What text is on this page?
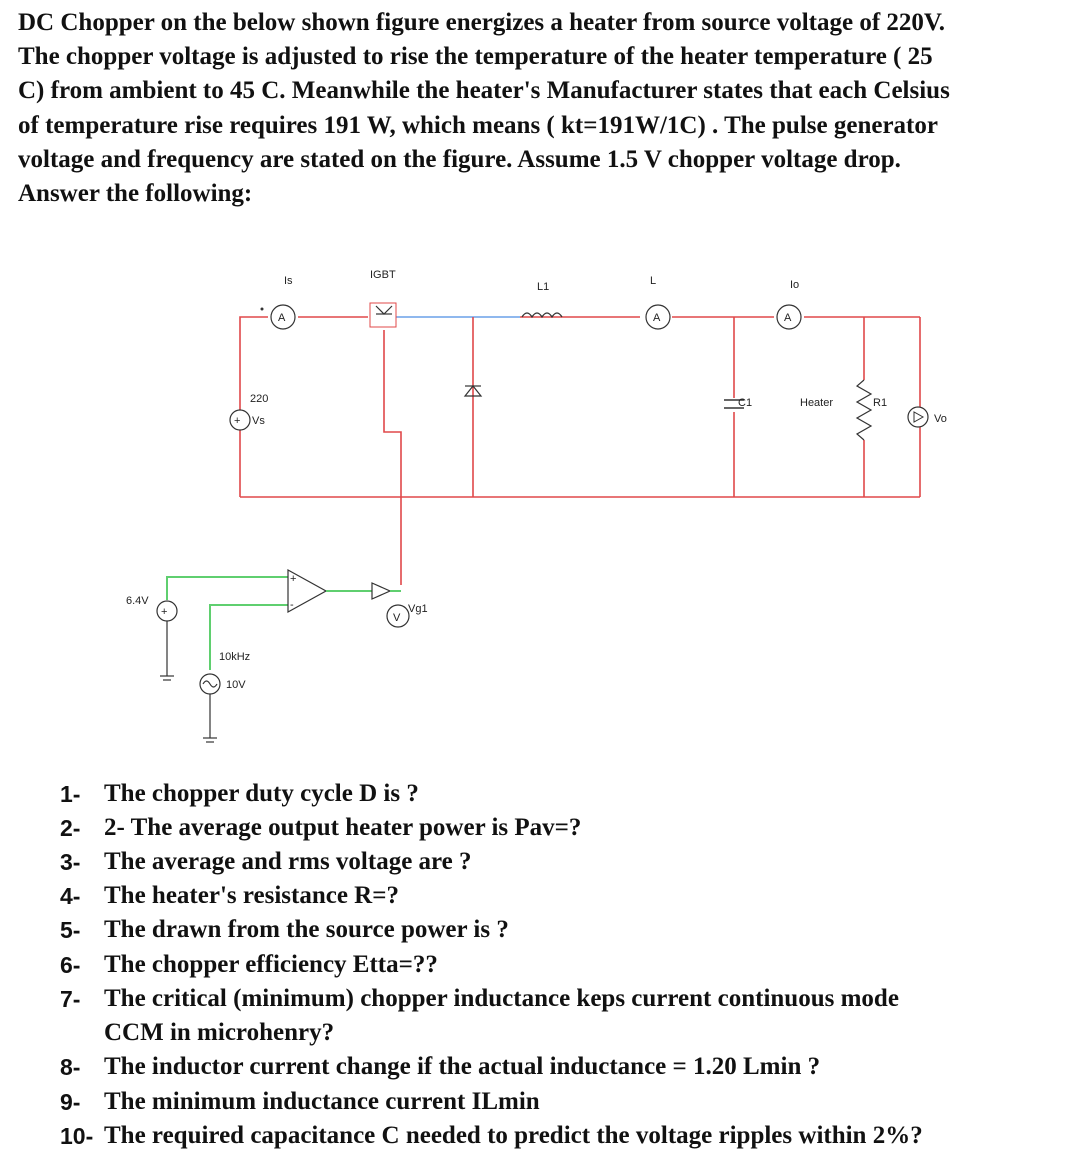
DC Chopper on the below shown figure energizes a heater from source voltage of 220V.
The chopper voltage is adjusted to rise the temperature of the heater temperature ( 25
C) from ambient to 45 C. Meanwhile the heater's Manufacturer states that each Celsius
of temperature rise requires 191 W, which means ( kt=191W/1C) . The pulse generator
voltage and frequency are stated on the figure. Assume 1.5 V chopper voltage drop.
Answer the following:
+
220
Vs
A
Is	IGBT
L1
A
L
C1
A
Io
Heater	R1
Vo
+
-
V
Vg1
+
6.4V
10kHz
10V
1- The chopper duty cycle D is ?
2- 2- The average output heater power is Pav=?
3- The average and rms voltage are ?
4- The heater's resistance R=?
5- The drawn from the source power is ?
6- The chopper efficiency Etta=??
7- The critical (minimum) chopper inductance keps current continuous mode
CCM in microhenry?
8- The inductor current change if the actual inductance = 1.20 Lmin ?
9- The minimum inductance current ILmin
10- The required capacitance C needed to predict the voltage ripples within 2%?
